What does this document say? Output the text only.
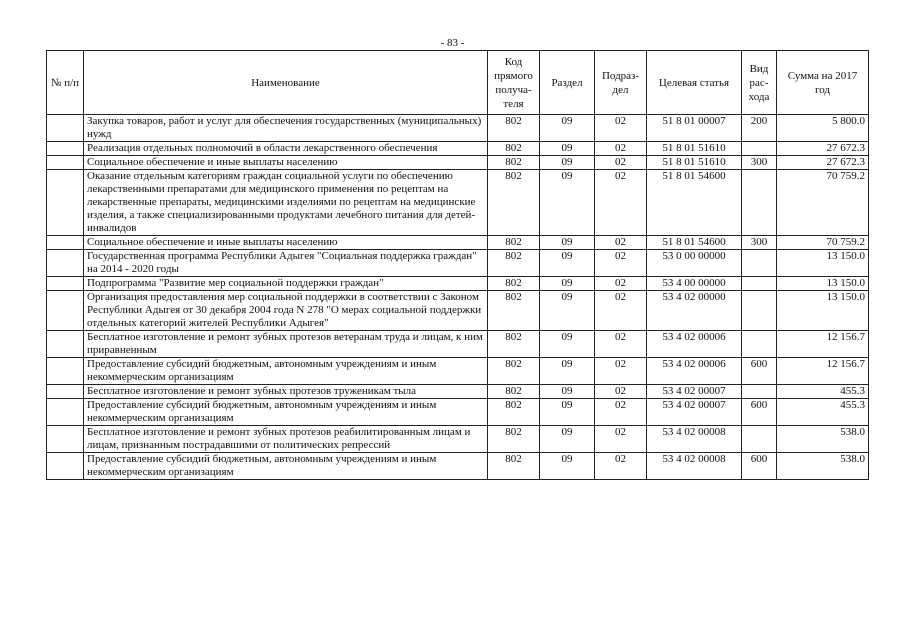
- 83 -
№ п/п	Наименование	Код прямого получа-теля	Раздел	Подраз-дел	Целевая статья	Вид рас-хода	Сумма на 2017 год
	Закупка товаров, работ и услуг для обеспечения государственных (муниципальных) нужд	802	09	02	51 8 01 00007	200	5 800.0
	Реализация отдельных полномочий в области лекарственного обеспечения	802	09	02	51 8 01 51610		27 672.3
	Социальное обеспечение и иные выплаты населению	802	09	02	51 8 01 51610	300	27 672.3
	Оказание отдельным категориям граждан социальной услуги по обеспечению лекарственными препаратами для медицинского применения по рецептам на лекарственные препараты, медицинскими изделиями по рецептам на медицинские изделия, а также специализированными продуктами лечебного питания для детей-инвалидов	802	09	02	51 8 01 54600		70 759.2
	Социальное обеспечение и иные выплаты населению	802	09	02	51 8 01 54600	300	70 759.2
	Государственная программа Республики Адыгея "Социальная поддержка граждан" на 2014 - 2020 годы	802	09	02	53 0 00 00000		13 150.0
	Подпрограмма "Развитие мер социальной поддержки граждан"	802	09	02	53 4 00 00000		13 150.0
	Организация предоставления мер социальной поддержки в соответствии с Законом Республики Адыгея от 30 декабря 2004 года N 278 "О мерах социальной поддержки отдельных категорий жителей Республики Адыгея"	802	09	02	53 4 02 00000		13 150.0
	Бесплатное изготовление и ремонт зубных протезов ветеранам труда и лицам, к ним приравненным	802	09	02	53 4 02 00006		12 156.7
	Предоставление субсидий бюджетным, автономным учреждениям и иным некоммерческим организациям	802	09	02	53 4 02 00006	600	12 156.7
	Бесплатное изготовление и ремонт зубных протезов труженикам тыла	802	09	02	53 4 02 00007		455.3
	Предоставление субсидий бюджетным, автономным учреждениям и иным некоммерческим организациям	802	09	02	53 4 02 00007	600	455.3
	Бесплатное изготовление и ремонт зубных протезов реабилитированным лицам и лицам, признанным пострадавшими от политических репрессий	802	09	02	53 4 02 00008		538.0
	Предоставление субсидий бюджетным, автономным учреждениям и иным некоммерческим организациям	802	09	02	53 4 02 00008	600	538.0
